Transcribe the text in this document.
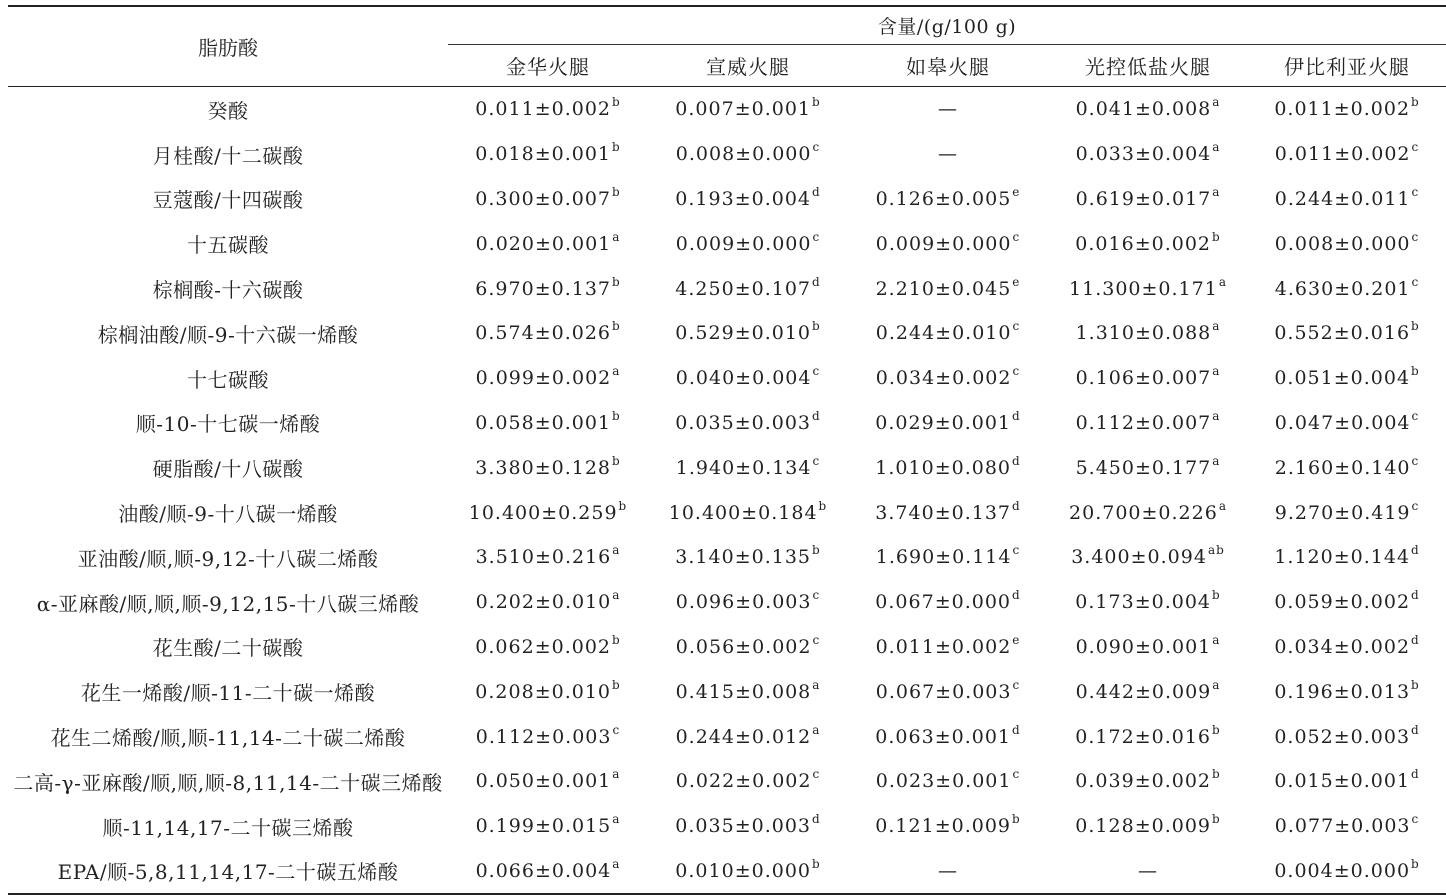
脂肪酸	含量/(g/100 g)				
	金华火腿	宣威火腿	如皋火腿	光控低盐火腿	伊比利亚火腿
癸酸	0.011±0.002$^b$	0.007±0.001$^b$	—	0.041±0.008$^a$	0.011±0.002$^b$
月桂酸/十二碳酸	0.018±0.001$^b$	0.008±0.000$^c$	—	0.033±0.004$^a$	0.011±0.002$^c$
豆蔻酸/十四碳酸	0.300±0.007$^b$	0.193±0.004$^d$	0.126±0.005$^e$	0.619±0.017$^a$	0.244±0.011$^c$
十五碳酸	0.020±0.001$^a$	0.009±0.000$^c$	0.009±0.000$^c$	0.016±0.002$^b$	0.008±0.000$^c$
棕榈酸-十六碳酸	6.970±0.137$^b$	4.250±0.107$^d$	2.210±0.045$^e$	11.300±0.171$^a$	4.630±0.201$^c$
棕榈油酸/顺-9-十六碳一烯酸	0.574±0.026$^b$	0.529±0.010$^b$	0.244±0.010$^c$	1.310±0.088$^a$	0.552±0.016$^b$
十七碳酸	0.099±0.002$^a$	0.040±0.004$^c$	0.034±0.002$^c$	0.106±0.007$^a$	0.051±0.004$^b$
顺-10-十七碳一烯酸	0.058±0.001$^b$	0.035±0.003$^d$	0.029±0.001$^d$	0.112±0.007$^a$	0.047±0.004$^c$
硬脂酸/十八碳酸	3.380±0.128$^b$	1.940±0.134$^c$	1.010±0.080$^d$	5.450±0.177$^a$	2.160±0.140$^c$
油酸/顺-9-十八碳一烯酸	10.400±0.259$^b$	10.400±0.184$^b$	3.740±0.137$^d$	20.700±0.226$^a$	9.270±0.419$^c$
亚油酸/顺,顺-9,12-十八碳二烯酸	3.510±0.216$^a$	3.140±0.135$^b$	1.690±0.114$^c$	3.400±0.094$^{ab}$	1.120±0.144$^d$
α-亚麻酸/顺,顺,顺-9,12,15-十八碳三烯酸	0.202±0.010$^a$	0.096±0.003$^c$	0.067±0.000$^d$	0.173±0.004$^b$	0.059±0.002$^d$
花生酸/二十碳酸	0.062±0.002$^b$	0.056±0.002$^c$	0.011±0.002$^e$	0.090±0.001$^a$	0.034±0.002$^d$
花生一烯酸/顺-11-二十碳一烯酸	0.208±0.010$^b$	0.415±0.008$^a$	0.067±0.003$^c$	0.442±0.009$^a$	0.196±0.013$^b$
花生二烯酸/顺,顺-11,14-二十碳二烯酸	0.112±0.003$^c$	0.244±0.012$^a$	0.063±0.001$^d$	0.172±0.016$^b$	0.052±0.003$^d$
二高-γ-亚麻酸/顺,顺,顺-8,11,14-二十碳三烯酸	0.050±0.001$^a$	0.022±0.002$^c$	0.023±0.001$^c$	0.039±0.002$^b$	0.015±0.001$^d$
顺-11,14,17-二十碳三烯酸	0.199±0.015$^a$	0.035±0.003$^d$	0.121±0.009$^b$	0.128±0.009$^b$	0.077±0.003$^c$
EPA/顺-5,8,11,14,17-二十碳五烯酸	0.066±0.004$^a$	0.010±0.000$^b$	—	—	0.004±0.000$^b$
